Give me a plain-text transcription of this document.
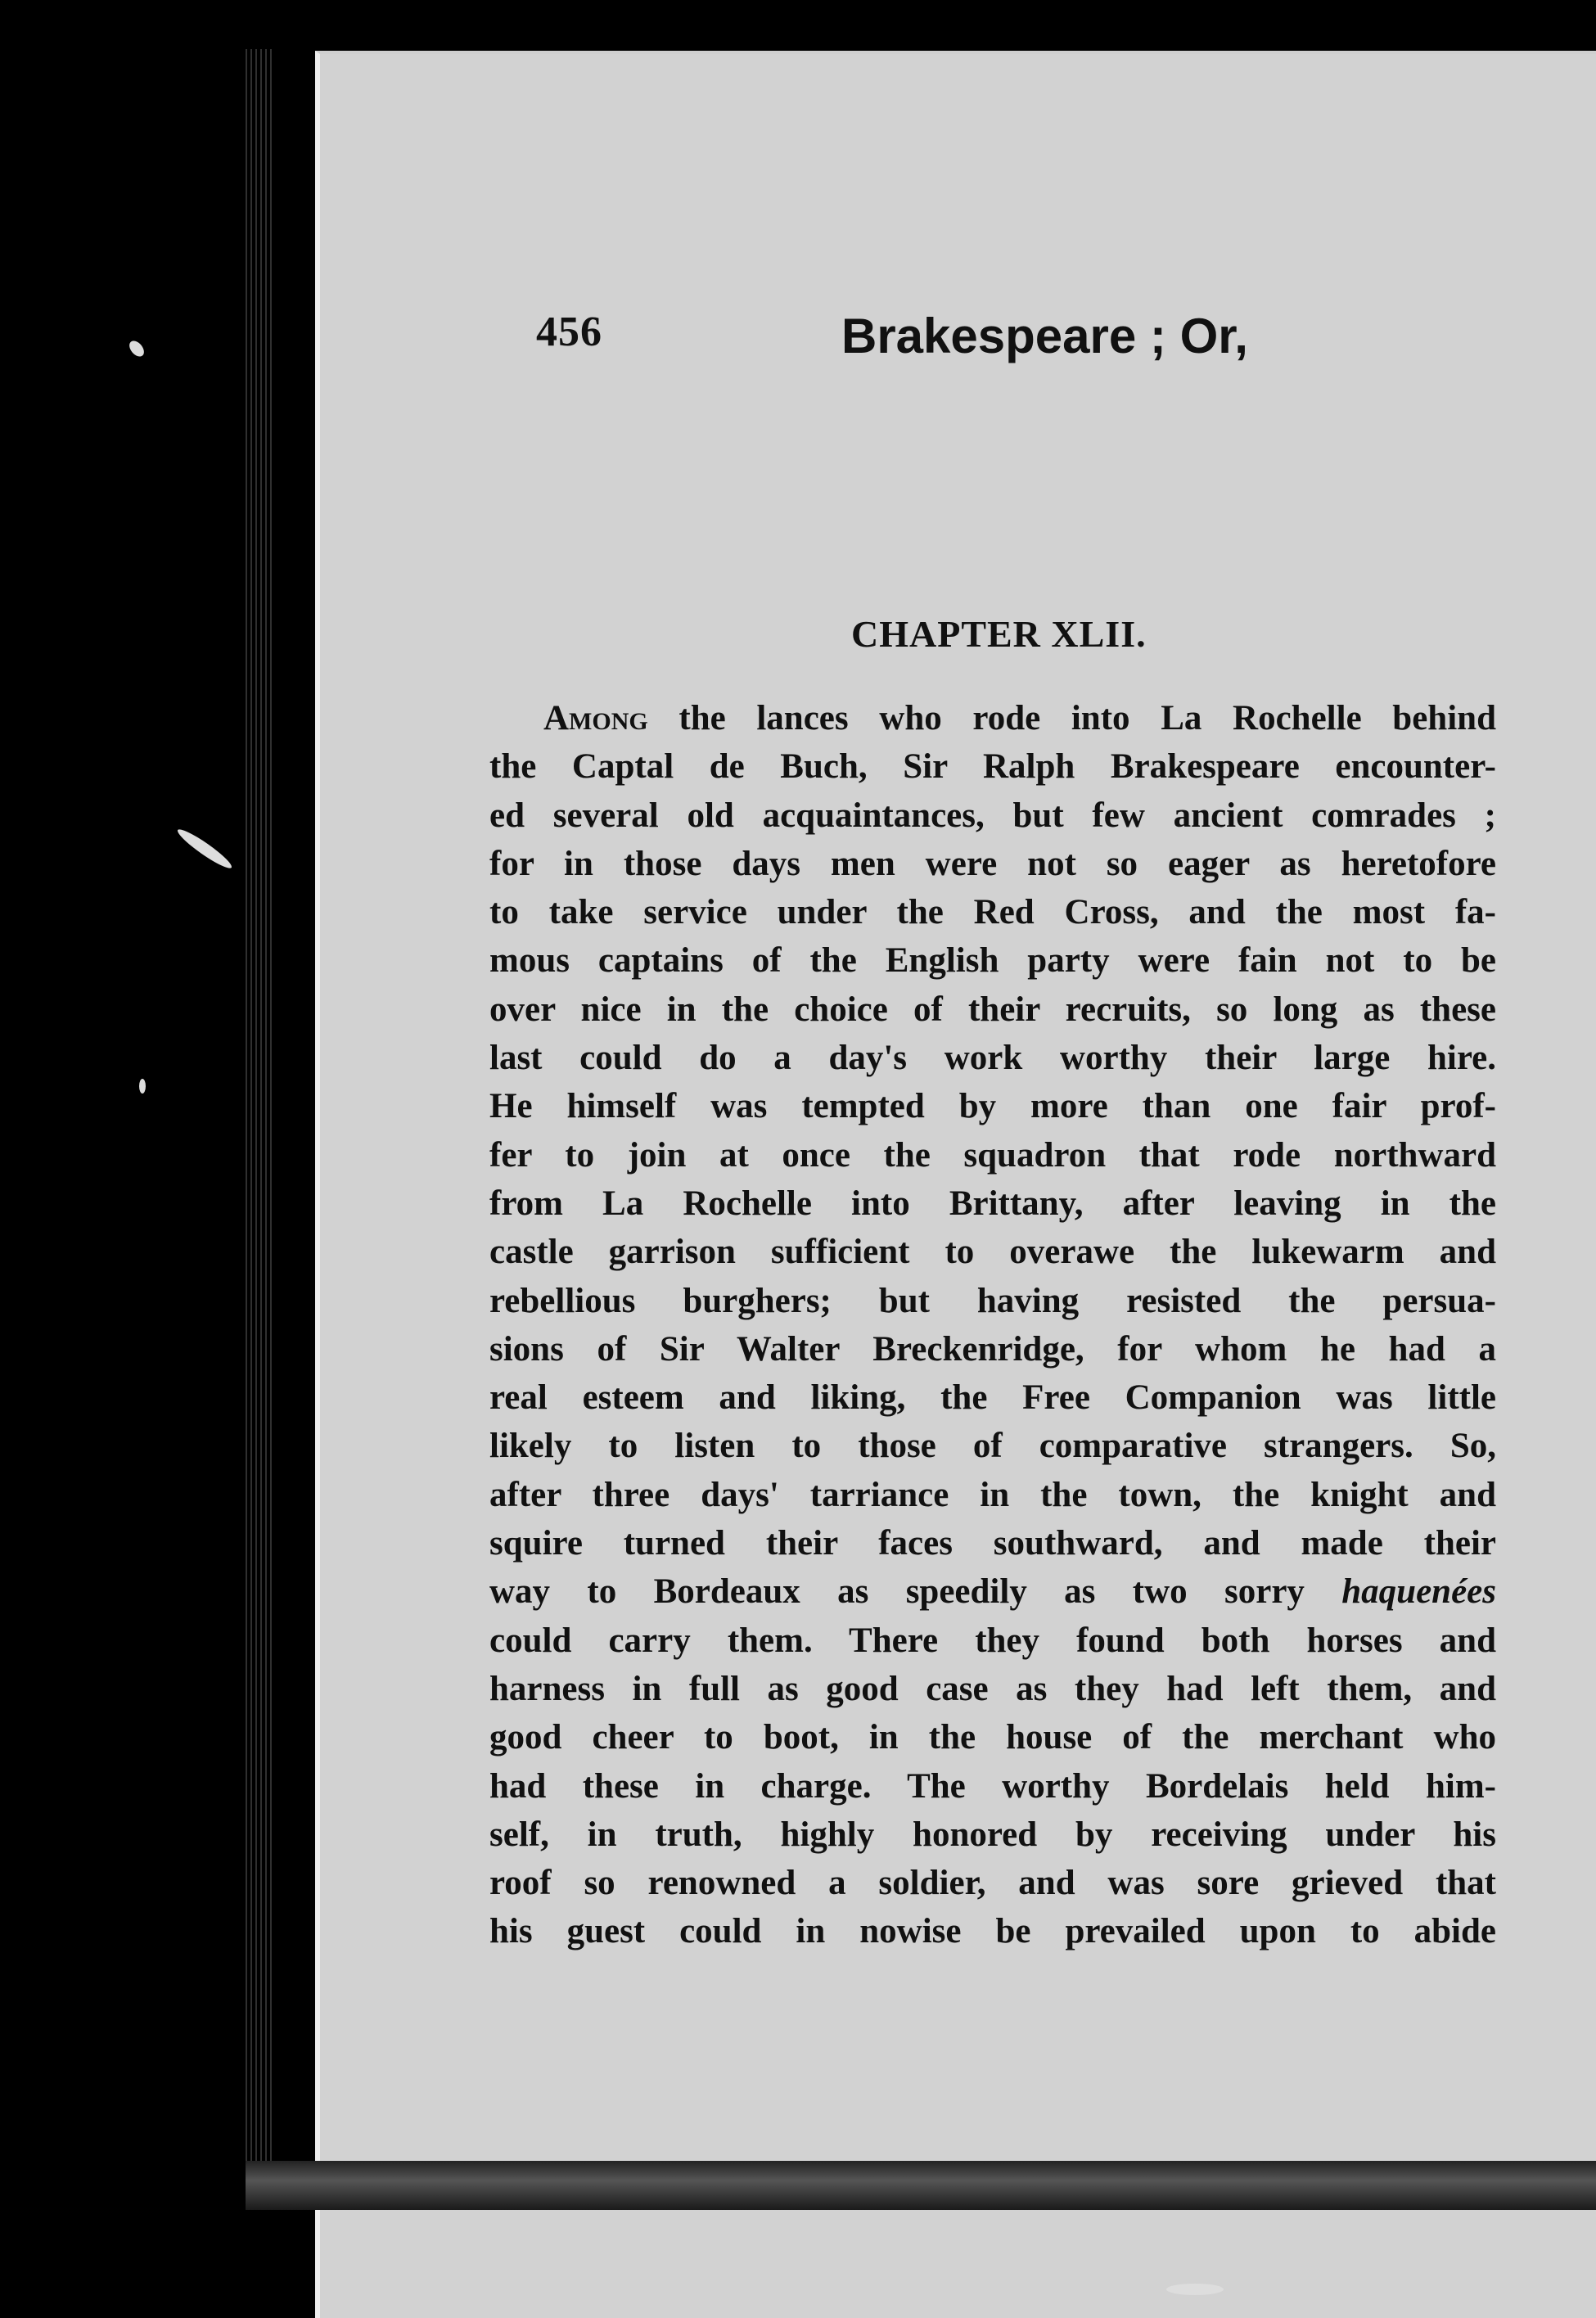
456	Brakespeare ; Or,
CHAPTER XLII.
Among the lances who rode into La Rochelle behind
the Captal de Buch, Sir Ralph Brakespeare encounter-
ed several old acquaintances, but few ancient comrades ;
for in those days men were not so eager as heretofore
to take service under the Red Cross, and the most fa-
mous captains of the English party were fain not to be
over nice in the choice of their recruits, so long as these
last could do a day's work worthy their large hire.
He himself was tempted by more than one fair prof-
fer to join at once the squadron that rode northward
from La Rochelle into Brittany, after leaving in the
castle garrison sufficient to overawe the lukewarm and
rebellious burghers; but having resisted the persua-
sions of Sir Walter Breckenridge, for whom he had a
real esteem and liking, the Free Companion was little
likely to listen to those of comparative strangers. So,
after three days' tarriance in the town, the knight and
squire turned their faces southward, and made their
way to Bordeaux as speedily as two sorry haquenées
could carry them. There they found both horses and
harness in full as good case as they had left them, and
good cheer to boot, in the house of the merchant who
had these in charge. The worthy Bordelais held him-
self, in truth, highly honored by receiving under his
roof so renowned a soldier, and was sore grieved that
his guest could in nowise be prevailed upon to abide
